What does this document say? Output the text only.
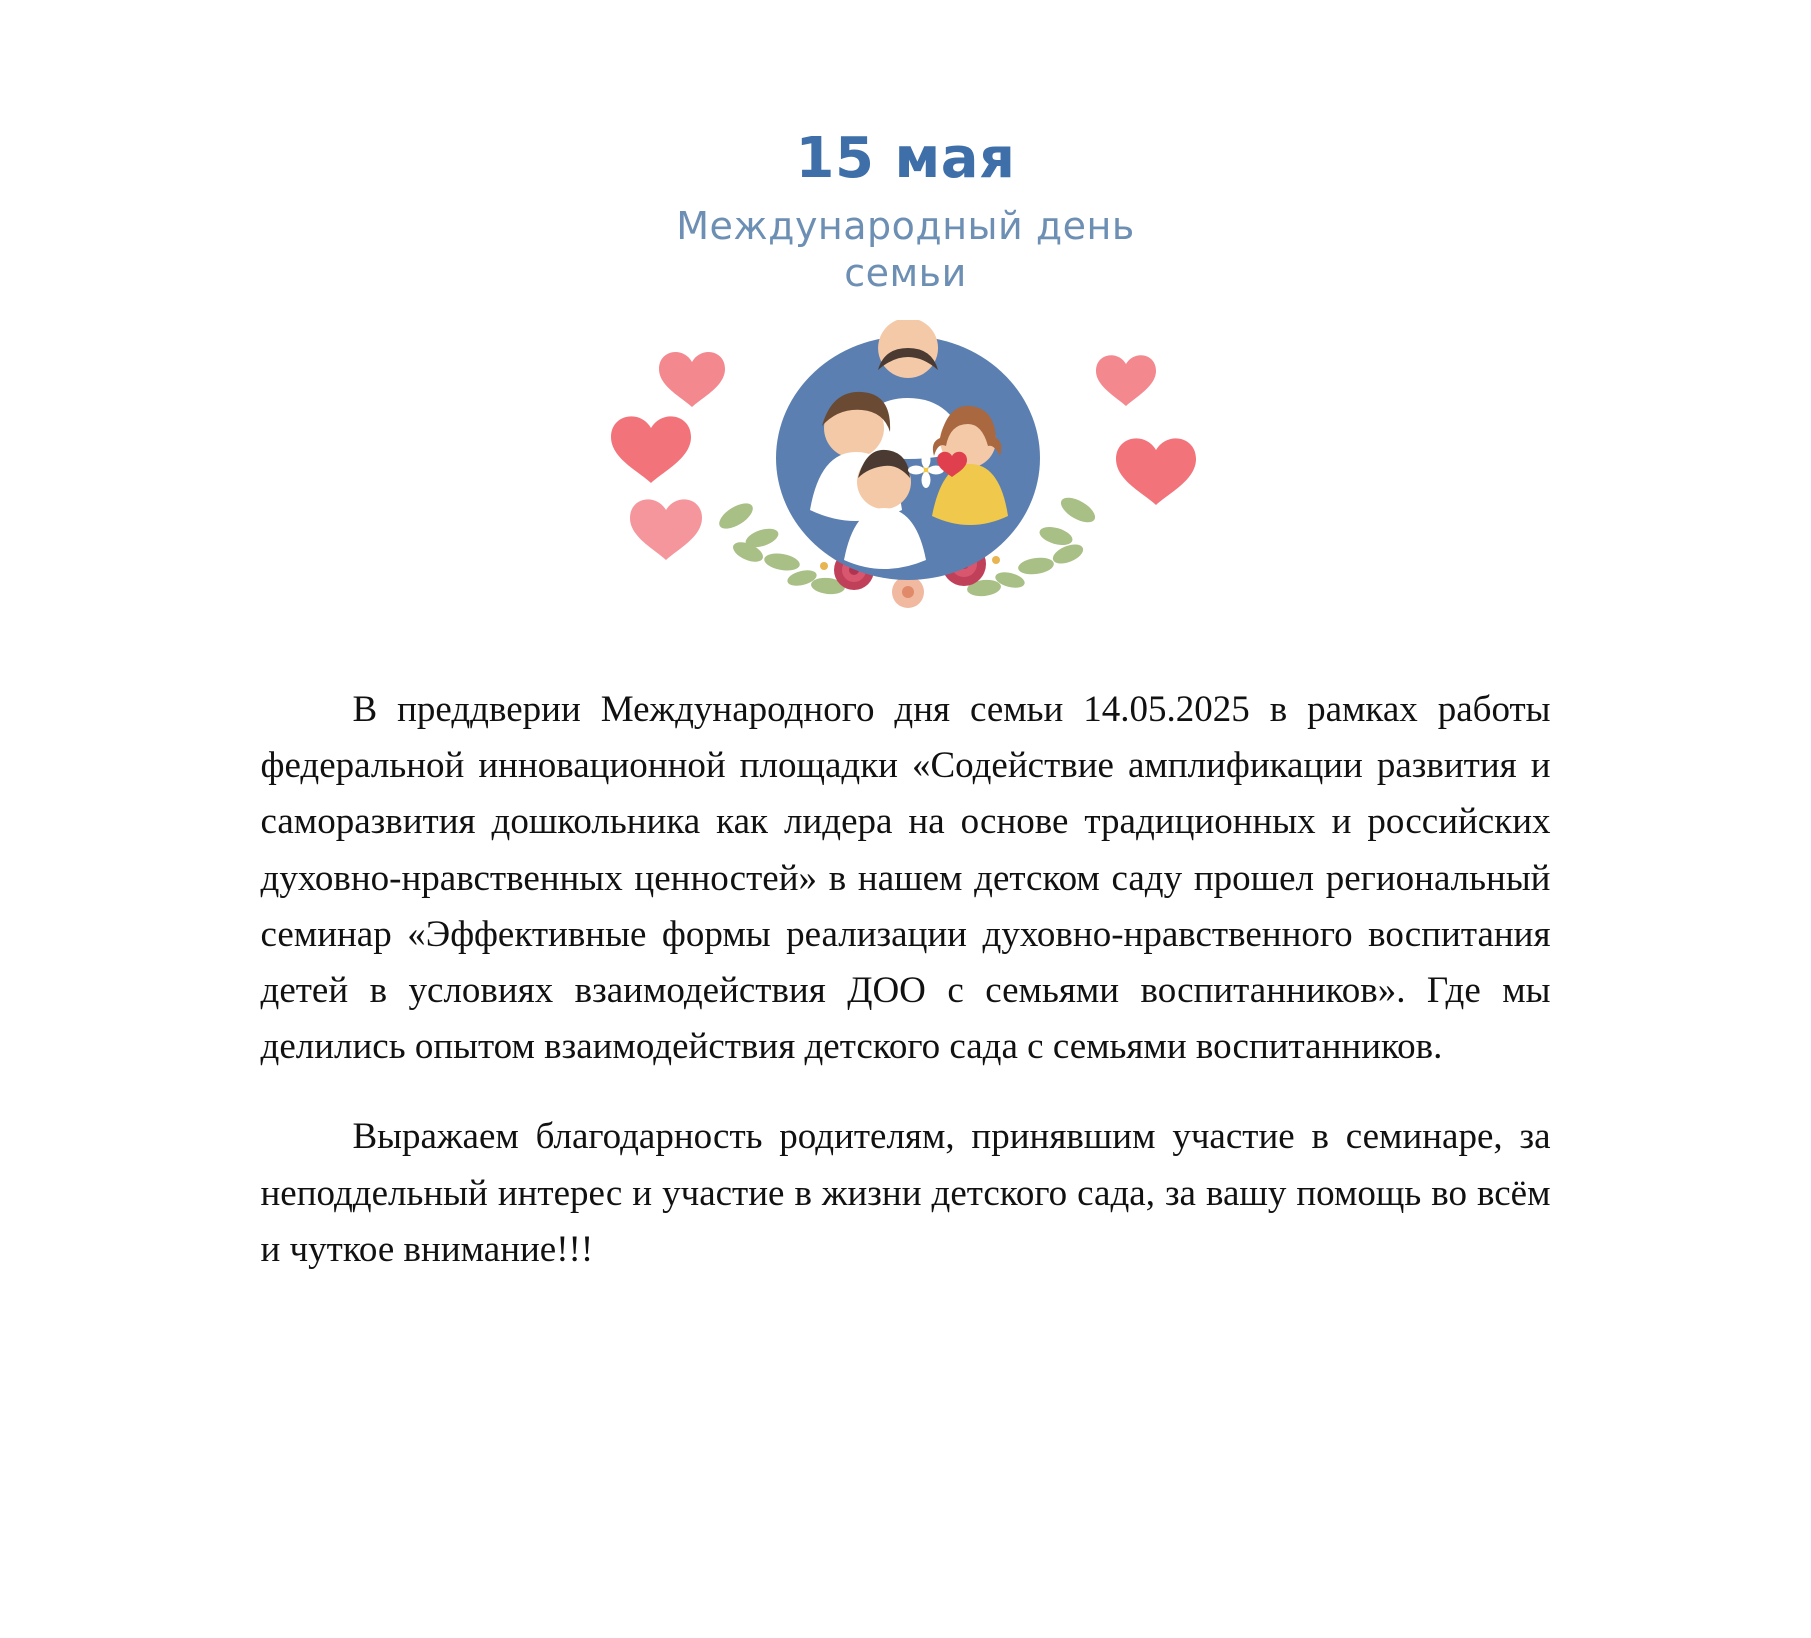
15 мая
Международный день
семьи

В преддверии Международного дня семьи 14.05.2025 в рамках работы федеральной инновационной площадки «Содействие амплификации развития и саморазвития дошкольника как лидера на основе традиционных и российских духовно-нравственных ценностей» в нашем детском саду прошел региональный семинар «Эффективные формы реализации духовно-нравственного воспитания детей в условиях взаимодействия ДОО с семьями воспитанников». Где мы делились опытом взаимодействия детского сада с семьями воспитанников.

Выражаем благодарность родителям, принявшим участие в семинаре, за неподдельный интерес и участие в жизни детского сада, за вашу помощь во всём и чуткое внимание!!!
